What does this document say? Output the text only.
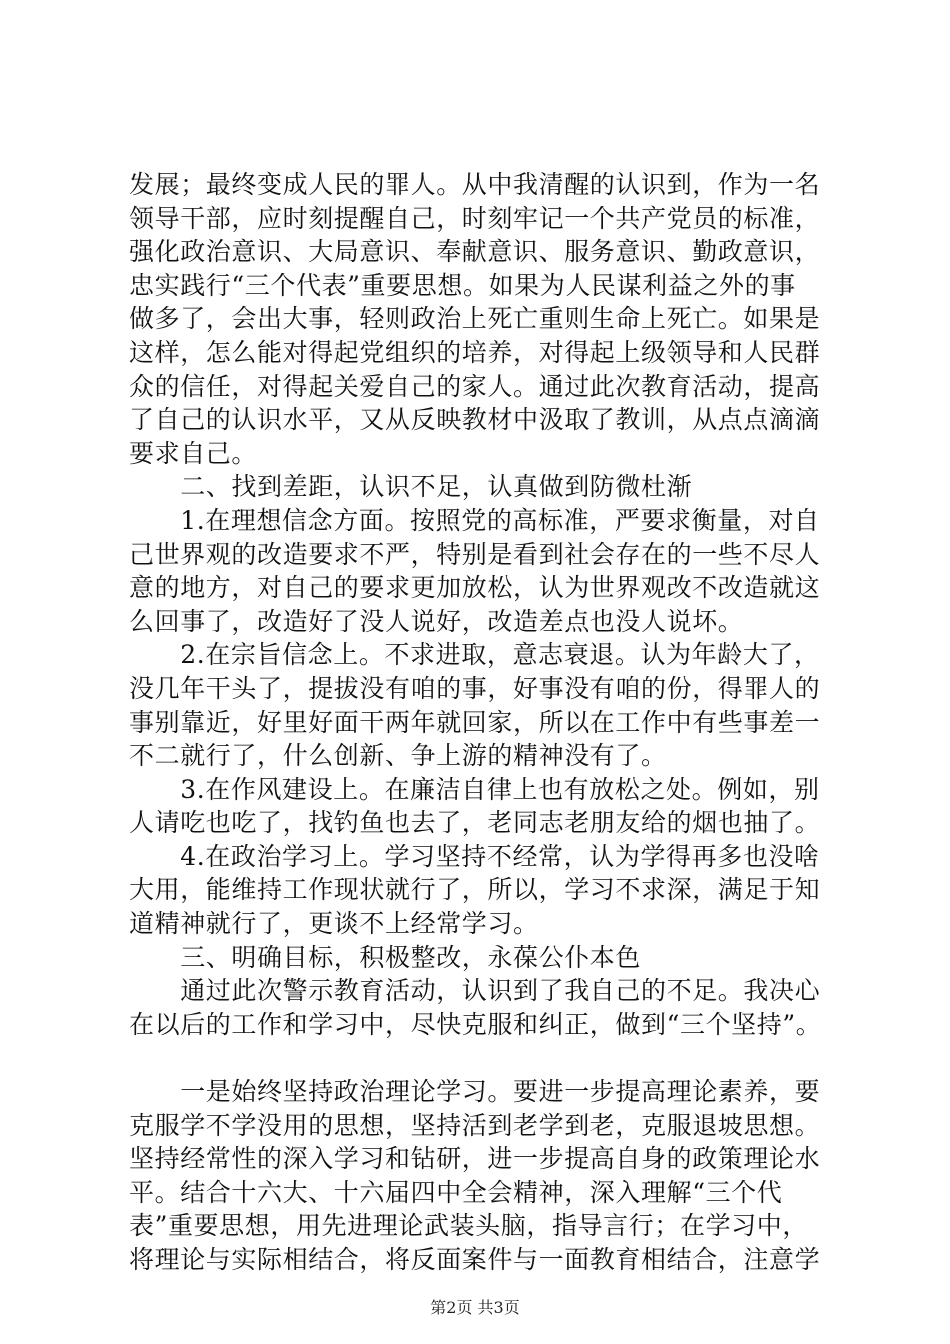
发展；最终变成人民的罪人。从中我清醒的认识到，作为一名
领导干部，应时刻提醒自己，时刻牢记一个共产党员的标准，
强化政治意识、大局意识、奉献意识、服务意识、勤政意识，
忠实践行“三个代表”重要思想。如果为人民谋利益之外的事
做多了，会出大事，轻则政治上死亡重则生命上死亡。如果是
这样，怎么能对得起党组织的培养，对得起上级领导和人民群
众的信任，对得起关爱自己的家人。通过此次教育活动，提高
了自己的认识水平，又从反映教材中汲取了教训，从点点滴滴
要求自己。
　　二、找到差距，认识不足，认真做到防微杜渐
　　1.在理想信念方面。按照党的高标准，严要求衡量，对自
己世界观的改造要求不严，特别是看到社会存在的一些不尽人
意的地方，对自己的要求更加放松，认为世界观改不改造就这
么回事了，改造好了没人说好，改造差点也没人说坏。
　　2.在宗旨信念上。不求进取，意志衰退。认为年龄大了，
没几年干头了，提拔没有咱的事，好事没有咱的份，得罪人的
事别靠近，好里好面干两年就回家，所以在工作中有些事差一
不二就行了，什么创新、争上游的精神没有了。
　　3.在作风建设上。在廉洁自律上也有放松之处。例如，别
人请吃也吃了，找钓鱼也去了，老同志老朋友给的烟也抽了。
　　4.在政治学习上。学习坚持不经常，认为学得再多也没啥
大用，能维持工作现状就行了，所以，学习不求深，满足于知
道精神就行了，更谈不上经常学习。
　　三、明确目标，积极整改，永葆公仆本色
　　通过此次警示教育活动，认识到了我自己的不足。我决心
在以后的工作和学习中，尽快克服和纠正，做到“三个坚持”。
　　一是始终坚持政治理论学习。要进一步提高理论素养，要
克服学不学没用的思想，坚持活到老学到老，克服退坡思想。
坚持经常性的深入学习和钻研，进一步提高自身的政策理论水
平。结合十六大、十六届四中全会精神，深入理解“三个代
表”重要思想，用先进理论武装头脑，指导言行；在学习中，
将理论与实际相结合，将反面案件与一面教育相结合，注意学
第2页 共3页
